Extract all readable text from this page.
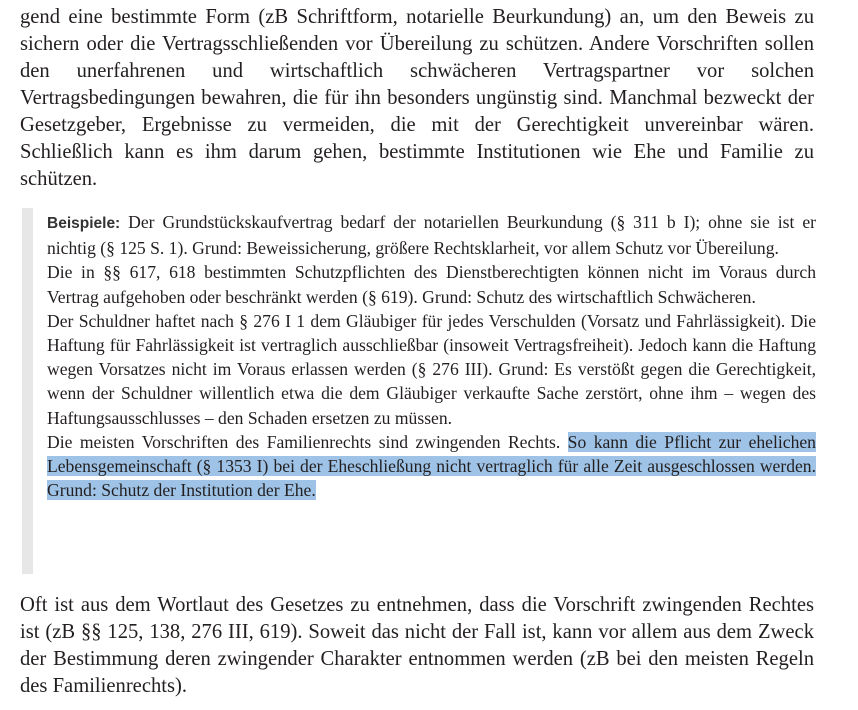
gend eine bestimmte Form (zB Schriftform, notarielle Beurkundung) an, um den Beweis zu sichern oder die Vertragsschließenden vor Übereilung zu schützen. Andere Vorschriften sollen den unerfahrenen und wirtschaftlich schwächeren Vertragspartner vor solchen Vertragsbedingungen bewahren, die für ihn besonders ungünstig sind. Manchmal bezweckt der Gesetzgeber, Ergebnisse zu vermeiden, die mit der Gerechtigkeit unvereinbar wären. Schließlich kann es ihm darum gehen, bestimmte Institutionen wie Ehe und Familie zu schützen.

Beispiele: Der Grundstückskaufvertrag bedarf der notariellen Beurkundung (§ 311 b I); ohne sie ist er nichtig (§ 125 S. 1). Grund: Beweissicherung, größere Rechtsklarheit, vor allem Schutz vor Übereilung.
Die in §§ 617, 618 bestimmten Schutzpflichten des Dienstberechtigten können nicht im Voraus durch Vertrag aufgehoben oder beschränkt werden (§ 619). Grund: Schutz des wirtschaftlich Schwächeren.
Der Schuldner haftet nach § 276 I 1 dem Gläubiger für jedes Verschulden (Vorsatz und Fahrlässigkeit). Die Haftung für Fahrlässigkeit ist vertraglich ausschließbar (insoweit Vertragsfreiheit). Jedoch kann die Haftung wegen Vorsatzes nicht im Voraus erlassen werden (§ 276 III). Grund: Es verstößt gegen die Gerechtigkeit, wenn der Schuldner willentlich etwa die dem Gläubiger verkaufte Sache zerstört, ohne ihm – wegen des Haftungsausschlusses – den Schaden ersetzen zu müssen.
Die meisten Vorschriften des Familienrechts sind zwingenden Rechts. So kann die Pflicht zur ehelichen Lebensgemeinschaft (§ 1353 I) bei der Eheschließung nicht vertraglich für alle Zeit ausgeschlossen werden. Grund: Schutz der Institution der Ehe.

Oft ist aus dem Wortlaut des Gesetzes zu entnehmen, dass die Vorschrift zwingenden Rechtes ist (zB §§ 125, 138, 276 III, 619). Soweit das nicht der Fall ist, kann vor allem aus dem Zweck der Bestimmung deren zwingender Charakter entnommen werden (zB bei den meisten Regeln des Familienrechts).
